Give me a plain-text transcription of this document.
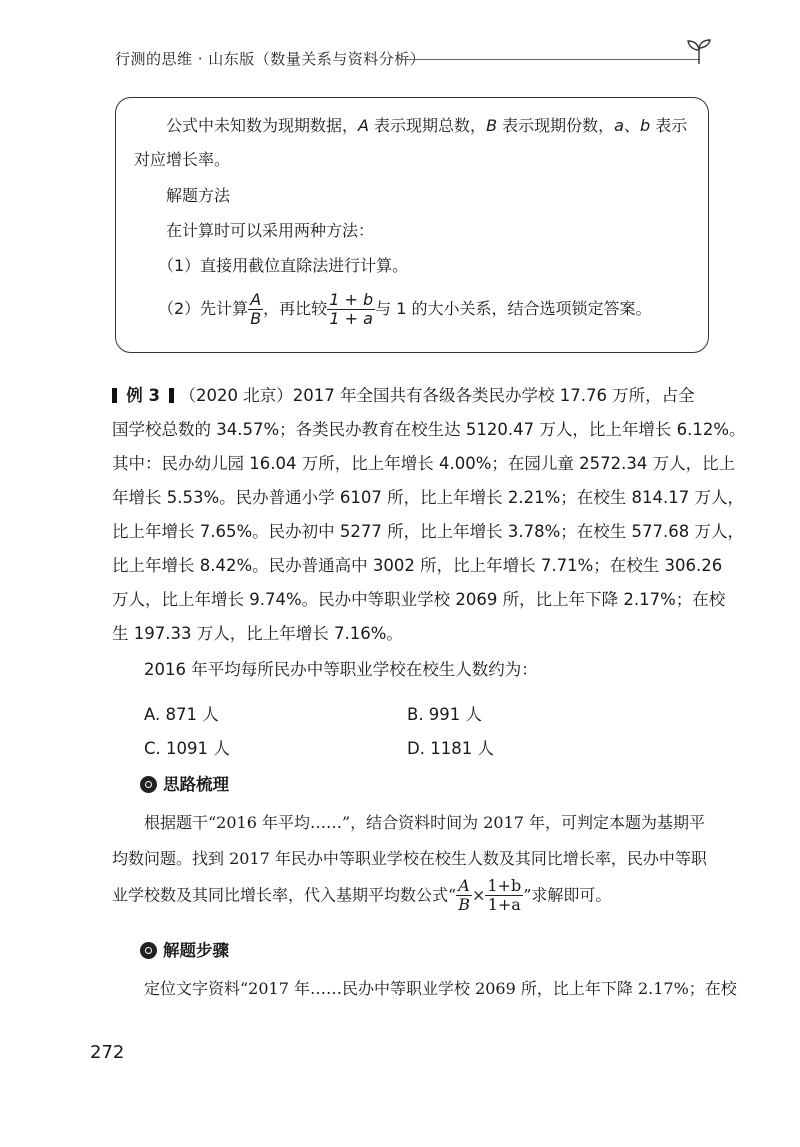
行测的思维 · 山东版（数量关系与资料分析）
公式中未知数为现期数据，A 表示现期总数，B 表示现期份数，a、b 表示
对应增长率。
解题方法
在计算时可以采用两种方法：
（1）直接用截位直除法进行计算。
（2）先计算 $\frac{A}{B}$ ，再比较 $\frac{1 + b}{1 + a}$ 与 1 的大小关系，结合选项锁定答案。
例 3 （2020 北京）2017 年全国共有各级各类民办学校 17.76 万所，占全
国学校总数的 34.57%；各类民办教育在校生达 5120.47 万人，比上年增长 6.12%。
其中：民办幼儿园 16.04 万所，比上年增长 4.00%；在园儿童 2572.34 万人，比上
年增长 5.53%。民办普通小学 6107 所，比上年增长 2.21%；在校生 814.17 万人，
比上年增长 7.65%。民办初中 5277 所，比上年增长 3.78%；在校生 577.68 万人，
比上年增长 8.42%。民办普通高中 3002 所，比上年增长 7.71%；在校生 306.26
万人，比上年增长 9.74%。民办中等职业学校 2069 所，比上年下降 2.17%；在校
生 197.33 万人，比上年增长 7.16%。
2016 年平均每所民办中等职业学校在校生人数约为：
A. 871 人	B. 991 人
C. 1091 人	D. 1181 人
思路梳理
根据题干“2016 年平均……”，结合资料时间为 2017 年，可判定本题为基期平
均数问题。找到 2017 年民办中等职业学校在校生人数及其同比增长率，民办中等职
业学校数及其同比增长率，代入基期平均数公式“ $\frac{A}{B} \times \frac{1+b}{1+a}$ ”求解即可。
解题步骤
定位文字资料“2017 年……民办中等职业学校 2069 所，比上年下降 2.17%；在校
272
